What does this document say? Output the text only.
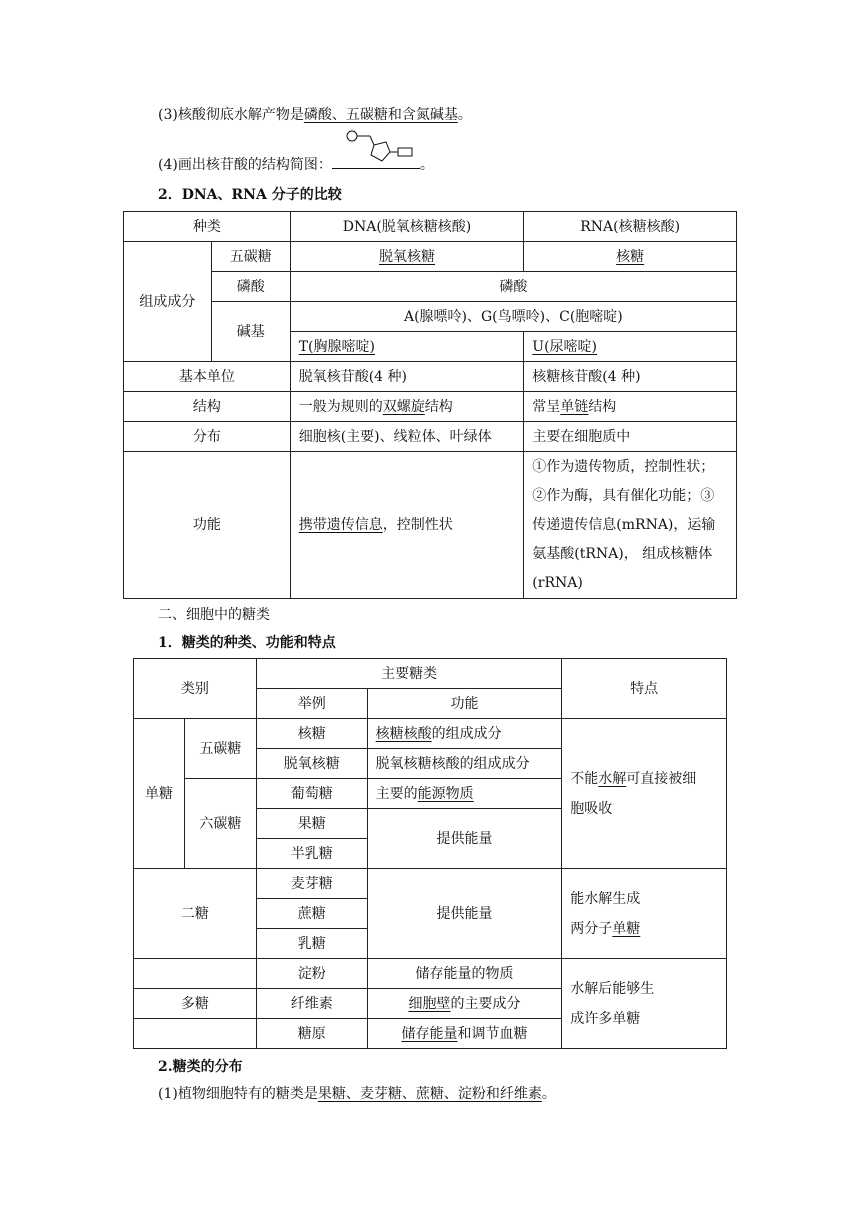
(3)核酸彻底水解产物是磷酸、五碳糖和含氮碱基。
(4)画出核苷酸的结构简图：	。
2．DNA、RNA 分子的比较
种类		DNA(脱氧核糖核酸)	RNA(核糖核酸)
组成成分	五碳糖	脱氧核糖	核糖
	磷酸	磷酸	
	碱基	A(腺嘌呤)、G(鸟嘌呤)、C(胞嘧啶)	
		T(胸腺嘧啶)	U(尿嘧啶)
基本单位		脱氧核苷酸(4 种)	核糖核苷酸(4 种)
结构		一般为规则的双螺旋结构	常呈单链结构
分布		细胞核(主要)、线粒体、叶绿体	主要在细胞质中
功能		携带遗传信息，控制性状	①作为遗传物质，控制性状；
②作为酶，具有催化功能；③
传递遗传信息(mRNA)，运输
氨基酸(tRNA)， 组成核糖体
(rRNA)
二、细胞中的糖类
1．糖类的种类、功能和特点
类别		主要糖类		特点
		举例	功能	
单糖	五碳糖	核糖	核糖核酸的组成成分	不能水解可直接被细
胞吸收

		脱氧核糖	脱氧核糖核酸的组成成分	
	六碳糖	葡萄糖	主要的能源物质	
		果糖	提供能量	
		半乳糖		
二糖		麦芽糖	提供能量	能水解生成
两分子单糖

		蔗糖		
		乳糖		
		淀粉	储存能量的物质	水解后能够生
成许多单糖

多糖		纤维素	细胞壁的主要成分	
		糖原	储存能量和调节血糖	
2.糖类的分布
(1)植物细胞特有的糖类是果糖、麦芽糖、蔗糖、淀粉和纤维素。
